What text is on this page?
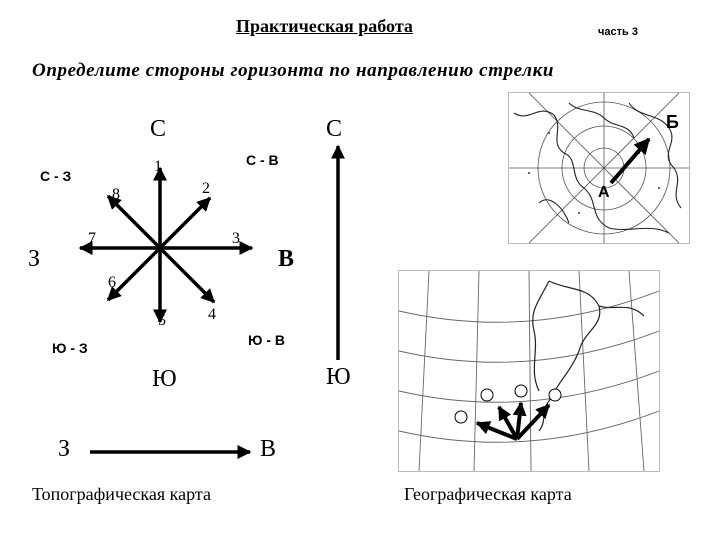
Практическая работа	часть 3
Определите стороны горизонта по направлению стрелки
С
С - В
С - З
З	В
Ю - В
Ю - З
Ю
1
2
3
4
5
6
7
8
С
Ю
З	В
Б
А
Топографическая карта	Географическая карта
